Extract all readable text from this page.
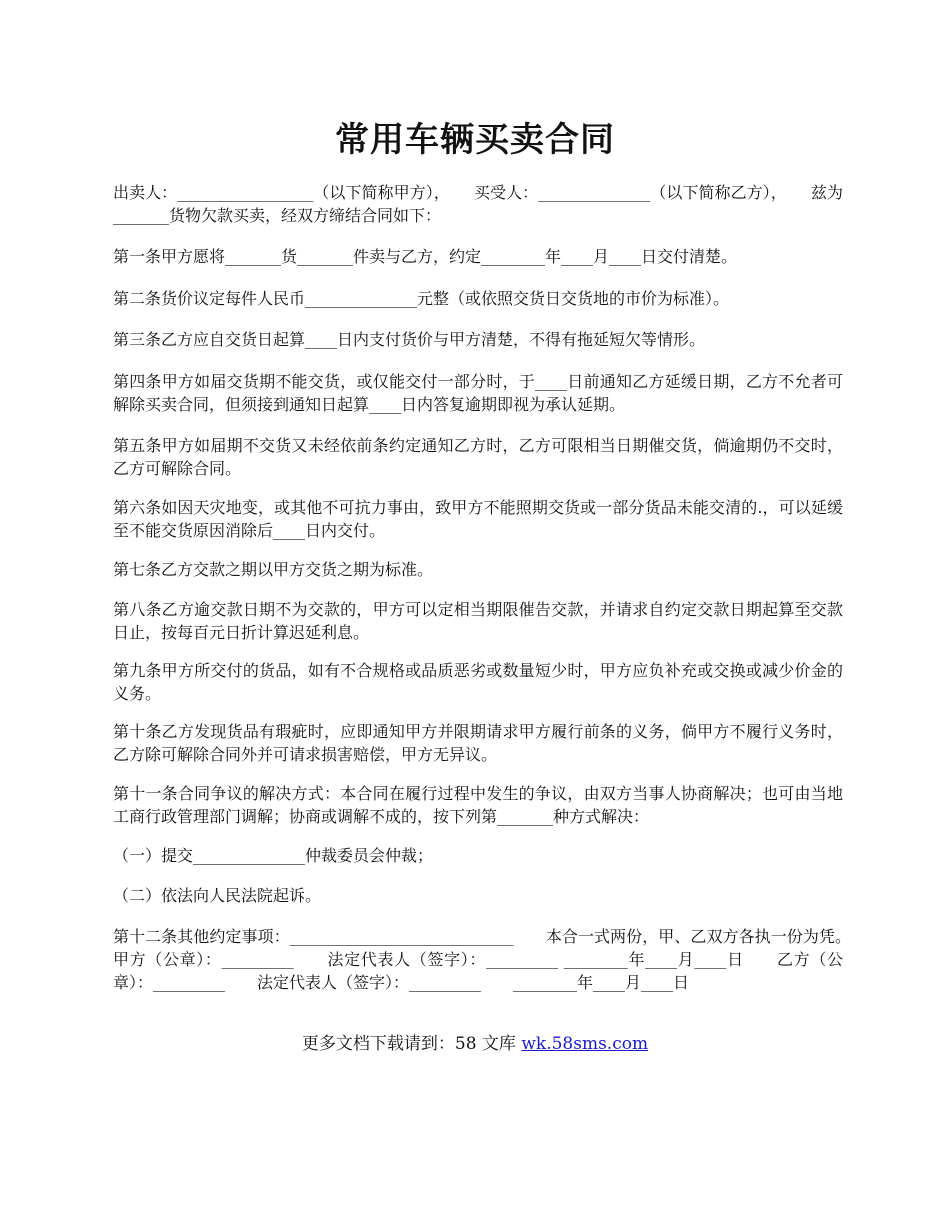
常用车辆买卖合同
出卖人：_________________（以下简称甲方），　　买受人：______________（以下简称乙方），　　兹为_______货物欠款买卖，经双方缔结合同如下：
第一条甲方愿将_______货_______件卖与乙方，约定________年____月____日交付清楚。
第二条货价议定每件人民币______________元整（或依照交货日交货地的市价为标准）。
第三条乙方应自交货日起算____日内支付货价与甲方清楚，不得有拖延短欠等情形。
第四条甲方如届交货期不能交货，或仅能交付一部分时，于____日前通知乙方延缓日期，乙方不允者可解除买卖合同，但须接到通知日起算____日内答复逾期即视为承认延期。
第五条甲方如届期不交货又未经依前条约定通知乙方时，乙方可限相当日期催交货，倘逾期仍不交时，乙方可解除合同。
第六条如因天灾地变，或其他不可抗力事由，致甲方不能照期交货或一部分货品未能交清的.，可以延缓至不能交货原因消除后____日内交付。
第七条乙方交款之期以甲方交货之期为标准。
第八条乙方逾交款日期不为交款的，甲方可以定相当期限催告交款，并请求自约定交款日期起算至交款日止，按每百元日折计算迟延利息。
第九条甲方所交付的货品，如有不合规格或品质恶劣或数量短少时，甲方应负补充或交换或减少价金的义务。
第十条乙方发现货品有瑕疵时，应即通知甲方并限期请求甲方履行前条的义务，倘甲方不履行义务时，乙方除可解除合同外并可请求损害赔偿，甲方无异议。
第十一条合同争议的解决方式：本合同在履行过程中发生的争议，由双方当事人协商解决；也可由当地工商行政管理部门调解；协商或调解不成的，按下列第_______种方式解决：
（一）提交______________仲裁委员会仲裁；
（二）依法向人民法院起诉。
第十二条其他约定事项：____________________________　　本合一式两份，甲、乙双方各执一份为凭。　　甲方（公章）：_________　　法定代表人（签字）：_________ ________年____月____日　　乙方（公章）：_________　　法定代表人（签字）：_________　　________年____月____日
更多文档下载请到：58 文库 wk.58sms.com
